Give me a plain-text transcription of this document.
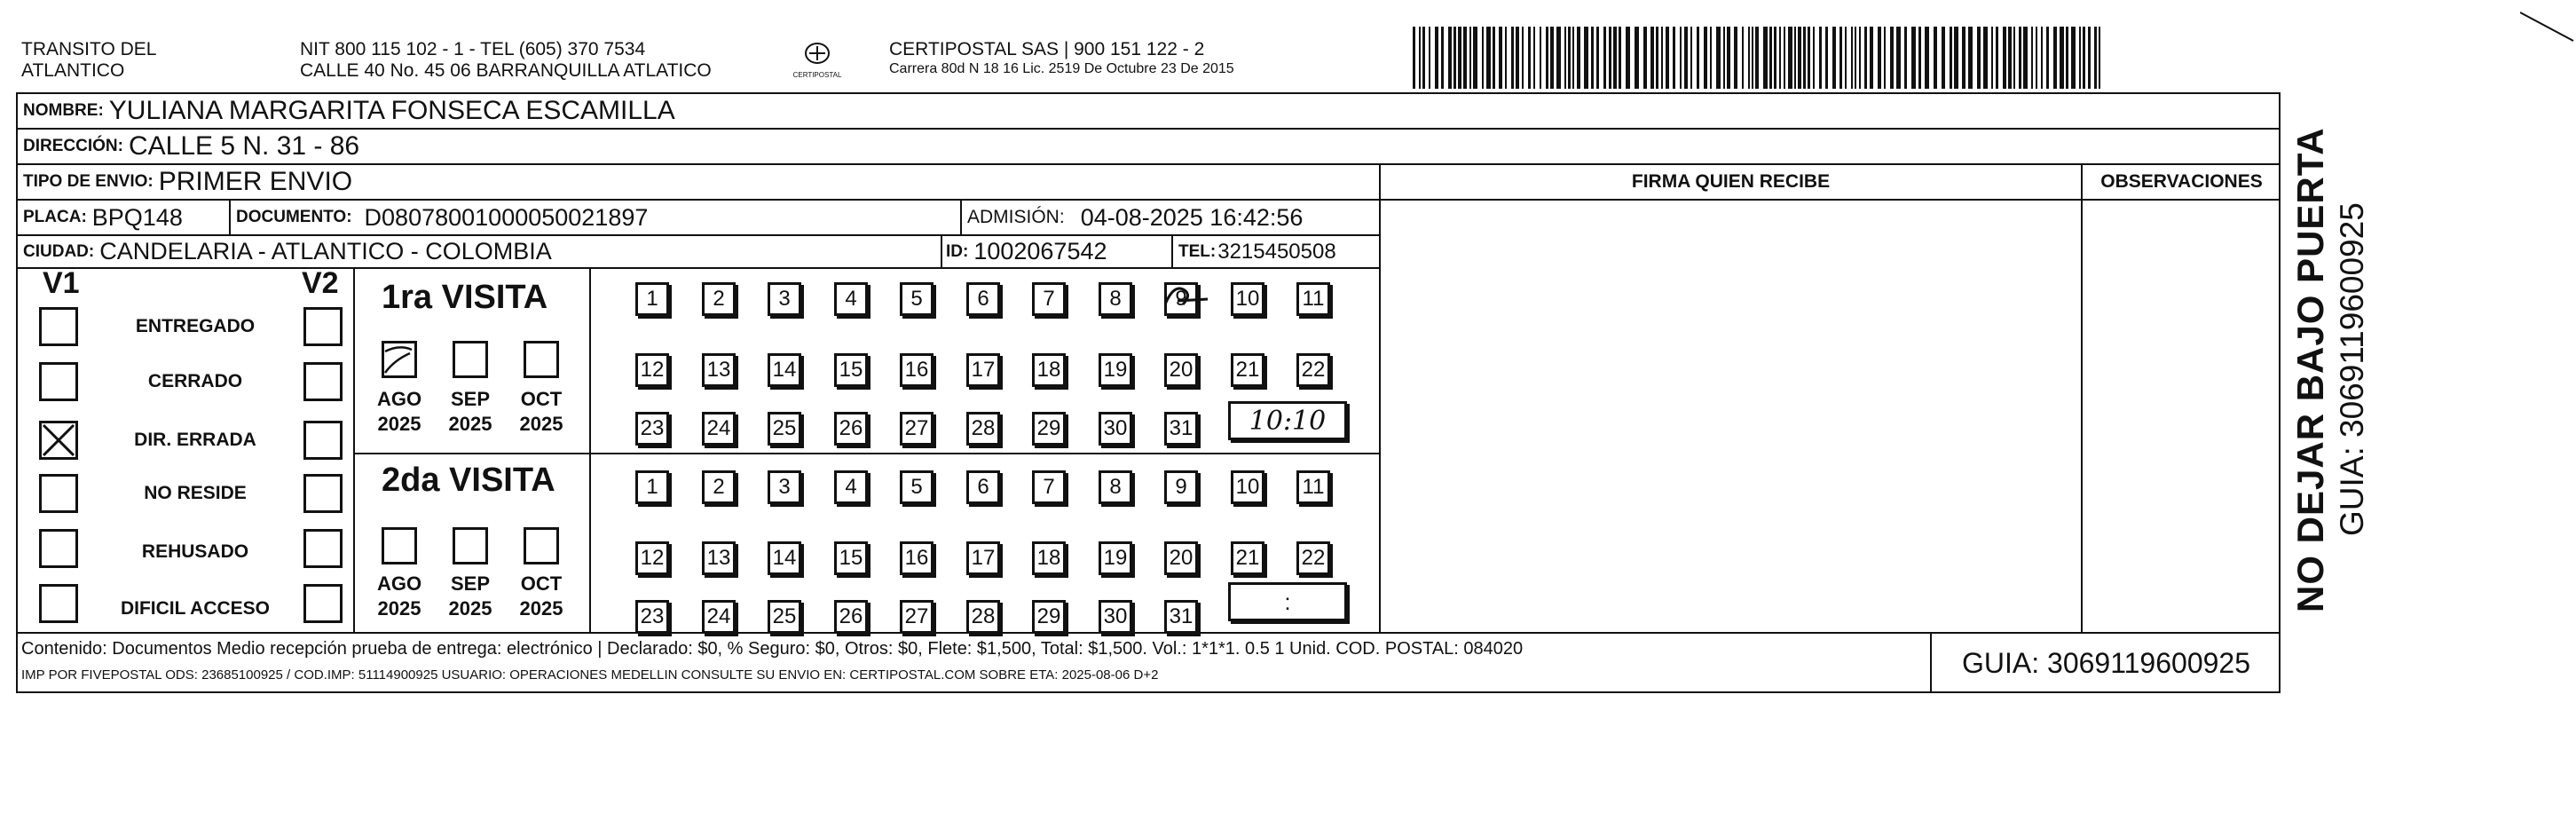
TRANSITO DEL
ATLANTICO
NIT 800 115 102 - 1 - TEL (605) 370 7534
CALLE 40 No. 45 06 BARRANQUILLA ATLATICO	CERTIPOSTAL
CERTIPOSTAL SAS | 900 151 122 - 2
Carrera 80d N 18 16 Lic. 2519 De Octubre 23 De 2015
NOMBRE: YULIANA MARGARITA FONSECA ESCAMILLA
DIRECCIÓN: CALLE 5 N. 31 - 86
TIPO DE ENVIO: PRIMER ENVIO	FIRMA QUIEN RECIBE	OBSERVACIONES
PLACA: BPQ148	DOCUMENTO: D08078001000050021897	ADMISIÓN: 04-08-2025 16:42:56
CIUDAD: CANDELARIA - ATLANTICO - COLOMBIA	ID: 1002067542	TEL: 3215450508
V1	V2
ENTREGADO
CERRADO
DIR. ERRADA
NO RESIDE
REHUSADO
DIFICIL ACCESO
1ra VISITA
2da VISITA
AGO
2025
SEP
2025
OCT
2025
AGO
2025
SEP
2025
OCT
2025
1	2	3	4	5	6	7	8	9	10 11
12 13 14 15 16 17 18 19 20 21 22
23 24 25 26 27 28 29 30 31
1	2	3	4	5	6	7	8	9	10 11
12 13 14 15 16 17 18 19 20 21 22
23 24 25 26 27 28 29 30 31
10:10
:
Contenido: Documentos Medio recepción prueba de entrega: electrónico | Declarado: $0, % Seguro: $0, Otros: $0, Flete: $1,500, Total: $1,500. Vol.: 1*1*1. 0.5 1 Unid. COD. POSTAL: 084020
IMP POR FIVEPOSTAL ODS: 23685100925 / COD.IMP: 51114900925 USUARIO: OPERACIONES MEDELLIN CONSULTE SU ENVIO EN: CERTIPOSTAL.COM SOBRE ETA: 2025-08-06 D+2	GUIA: 3069119600925
NO DEJAR BAJO PUERTA GUIA: 3069119600925
